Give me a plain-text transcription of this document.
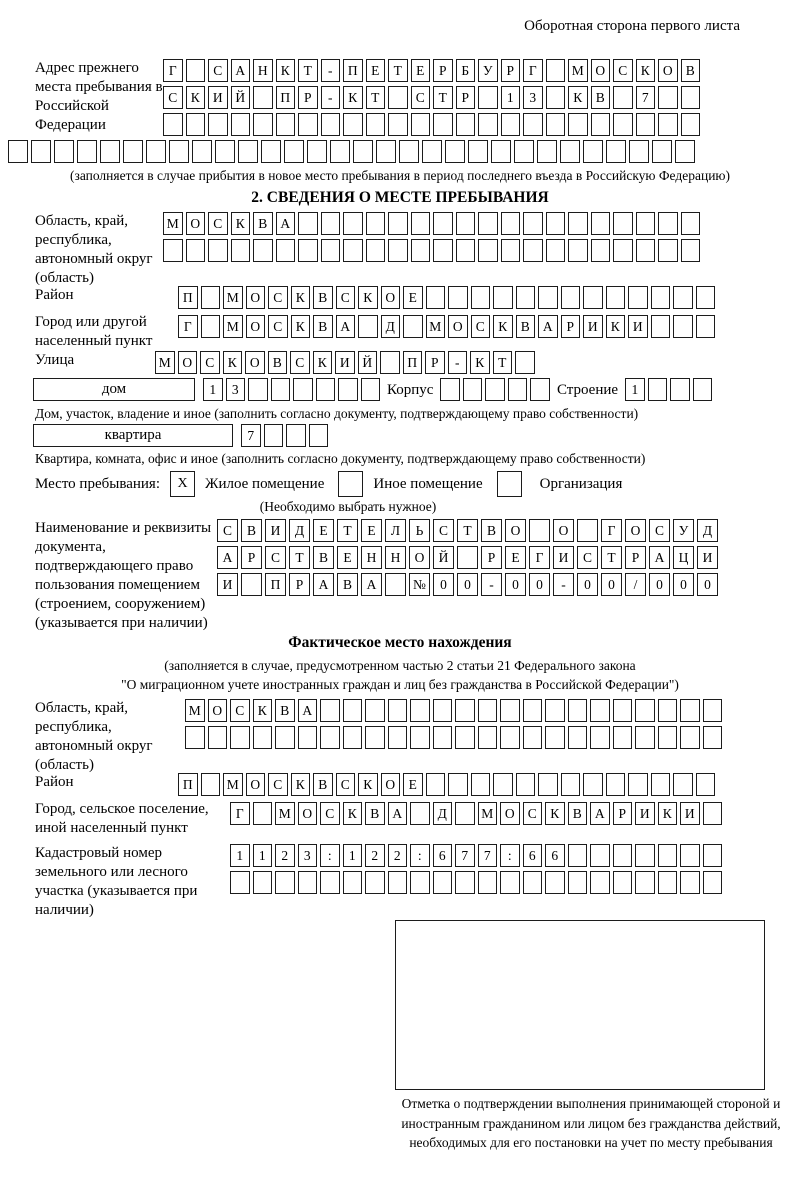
Оборотная сторона первого листа
Адрес прежнего места пребывания в Российской Федерации
Г	С А Н К	Т	-	П	Е	Т	Е	Р	Б	У	Р	Г	М О С К О В
С К И Й	П	Р	-	К	Т	С	Т	Р	1	3	К В	7
(заполняется в случае прибытия в новое место пребывания в период последнего въезда в Российскую Федерацию)
2. СВЕДЕНИЯ О МЕСТЕ ПРЕБЫВАНИЯ
Область, край, республика, автономный округ (область)
М О С К В А
Район	П	М О С К В С К О	Е
Город или другой населенный пункт
Г	М О С К В А	Д	М О С К В А	Р	И К И
Улица	М О С К О В С К И Й	П	Р	-	К	Т
дом	1	3	Корпус	Строение 1
Дом, участок, владение и иное (заполнить согласно документу, подтверждающему право собственности)
квартира	7
Квартира, комната, офис и иное (заполнить согласно документу, подтверждающему право собственности)
Место пребывания:	X	Жилое помещение	Иное помещение	Организация
(Необходимо выбрать нужное)
Наименование и реквизиты документа, подтверждающего право пользования помещением (строением, сооружением) (указывается при наличии)
С	В	И	Д	Е	Т	Е	Л	Ь	С	Т	В	О	О	Г	О	С	У	Д
А	Р	С	Т	В	Е	Н	Н	О	Й	Р	Е	Г	И	С	Т	Р	А	Ц	И
И	П	Р	А	В	А	№	0	0	-	0	0	-	0	0	/	0	0	0
Фактическое место нахождения
(заполняется в случае, предусмотренном частью 2 статьи 21 Федерального закона
"О миграционном учете иностранных граждан и лиц без гражданства в Российской Федерации")
Область, край, республика, автономный округ (область)
М О С К В А
Район	П	М О С К В С К О	Е
Город, сельское поселение, иной населенный пункт
Г	М О С К В А	Д	М О С К В А	Р	И К И
Кадастровый номер земельного или лесного участка (указывается при наличии)
1	1	2	3	:	1	2	2	:	6	7	7	:	6	6
Отметка о подтверждении выполнения принимающей стороной и иностранным гражданином или лицом без гражданства действий, необходимых для его постановки на учет по месту пребывания
